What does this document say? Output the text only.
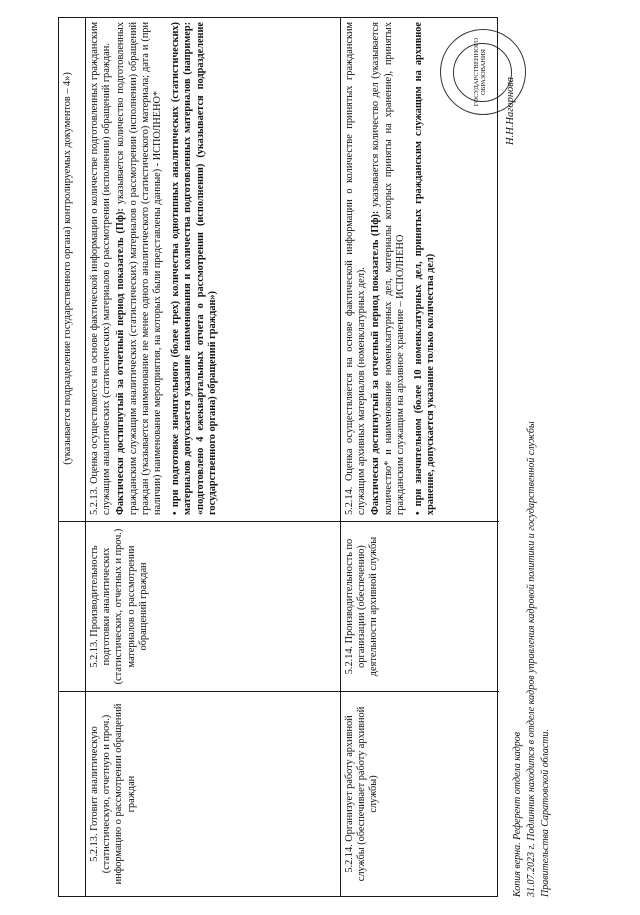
Копия верна. Референт отдела кадров 31.07.2023 г. Подлинник находится в отделе кадров управления кадровой политики и государственной службы Правительства Саратовской области.
Н.Н.Нагорнова
ГОСУДАРСТВЕННОГО ОБРАЗОВАНИЯ
(указывается подразделение государственного органа) контролируемых документов – 4»)
5.2.13. Готовит аналитическую (статистическую, отчетную и проч.) информацию о рассмотрении обращений граждан
5.2.13. Производительность подготовки аналитических (статистических, отчетных и проч.) материалов о рассмотрении обращений граждан

5.2.13. Оценка осуществляется на основе фактической информации о количестве подготовленных гражданским служащим аналитических (статистических) материалов о рассмотрении (исполнении) обращений граждан. Фактически достигнутый за отчетный период показатель (Пф): указывается количество подготовленных гражданским служащим аналитических (статистических) материалов о рассмотрении (исполнении) обращений граждан (указывается наименование не менее одного аналитического (статистического) материала; дата и (при наличии) наименование мероприятия, на которых были представлены данные) - ИСПОЛНЕНО* • при подготовке значительного (более трех) количества однотипных аналитических (статистических) материалов допускается указание наименования и количества подготовленных материалов (например: «подготовлено 4 ежеквартальных отчета о рассмотрении (исполнении) (указывается подразделение государственного органа) обращений граждан»)

5.2.14. Организует работу архивной службы (обеспечивает работу архивной службы)
5.2.14. Производительность по организации (обеспечению) деятельности архивной службы

5.2.14. Оценка осуществляется на основе фактической информации о количестве принятых гражданским служащим архивных материалов (номенклатурных дел). Фактически достигнутый за отчетный период показатель (Пф): указывается количество дел (указывается количество* и наименование номенклатурных дел, материалы которых приняты на хранение), принятых гражданским служащим на архивное хранение – ИСПОЛНЕНО • при значительном (более 10 номенклатурных дел, принятых гражданским служащим на архивное хранение, допускается указание только количества дел)
